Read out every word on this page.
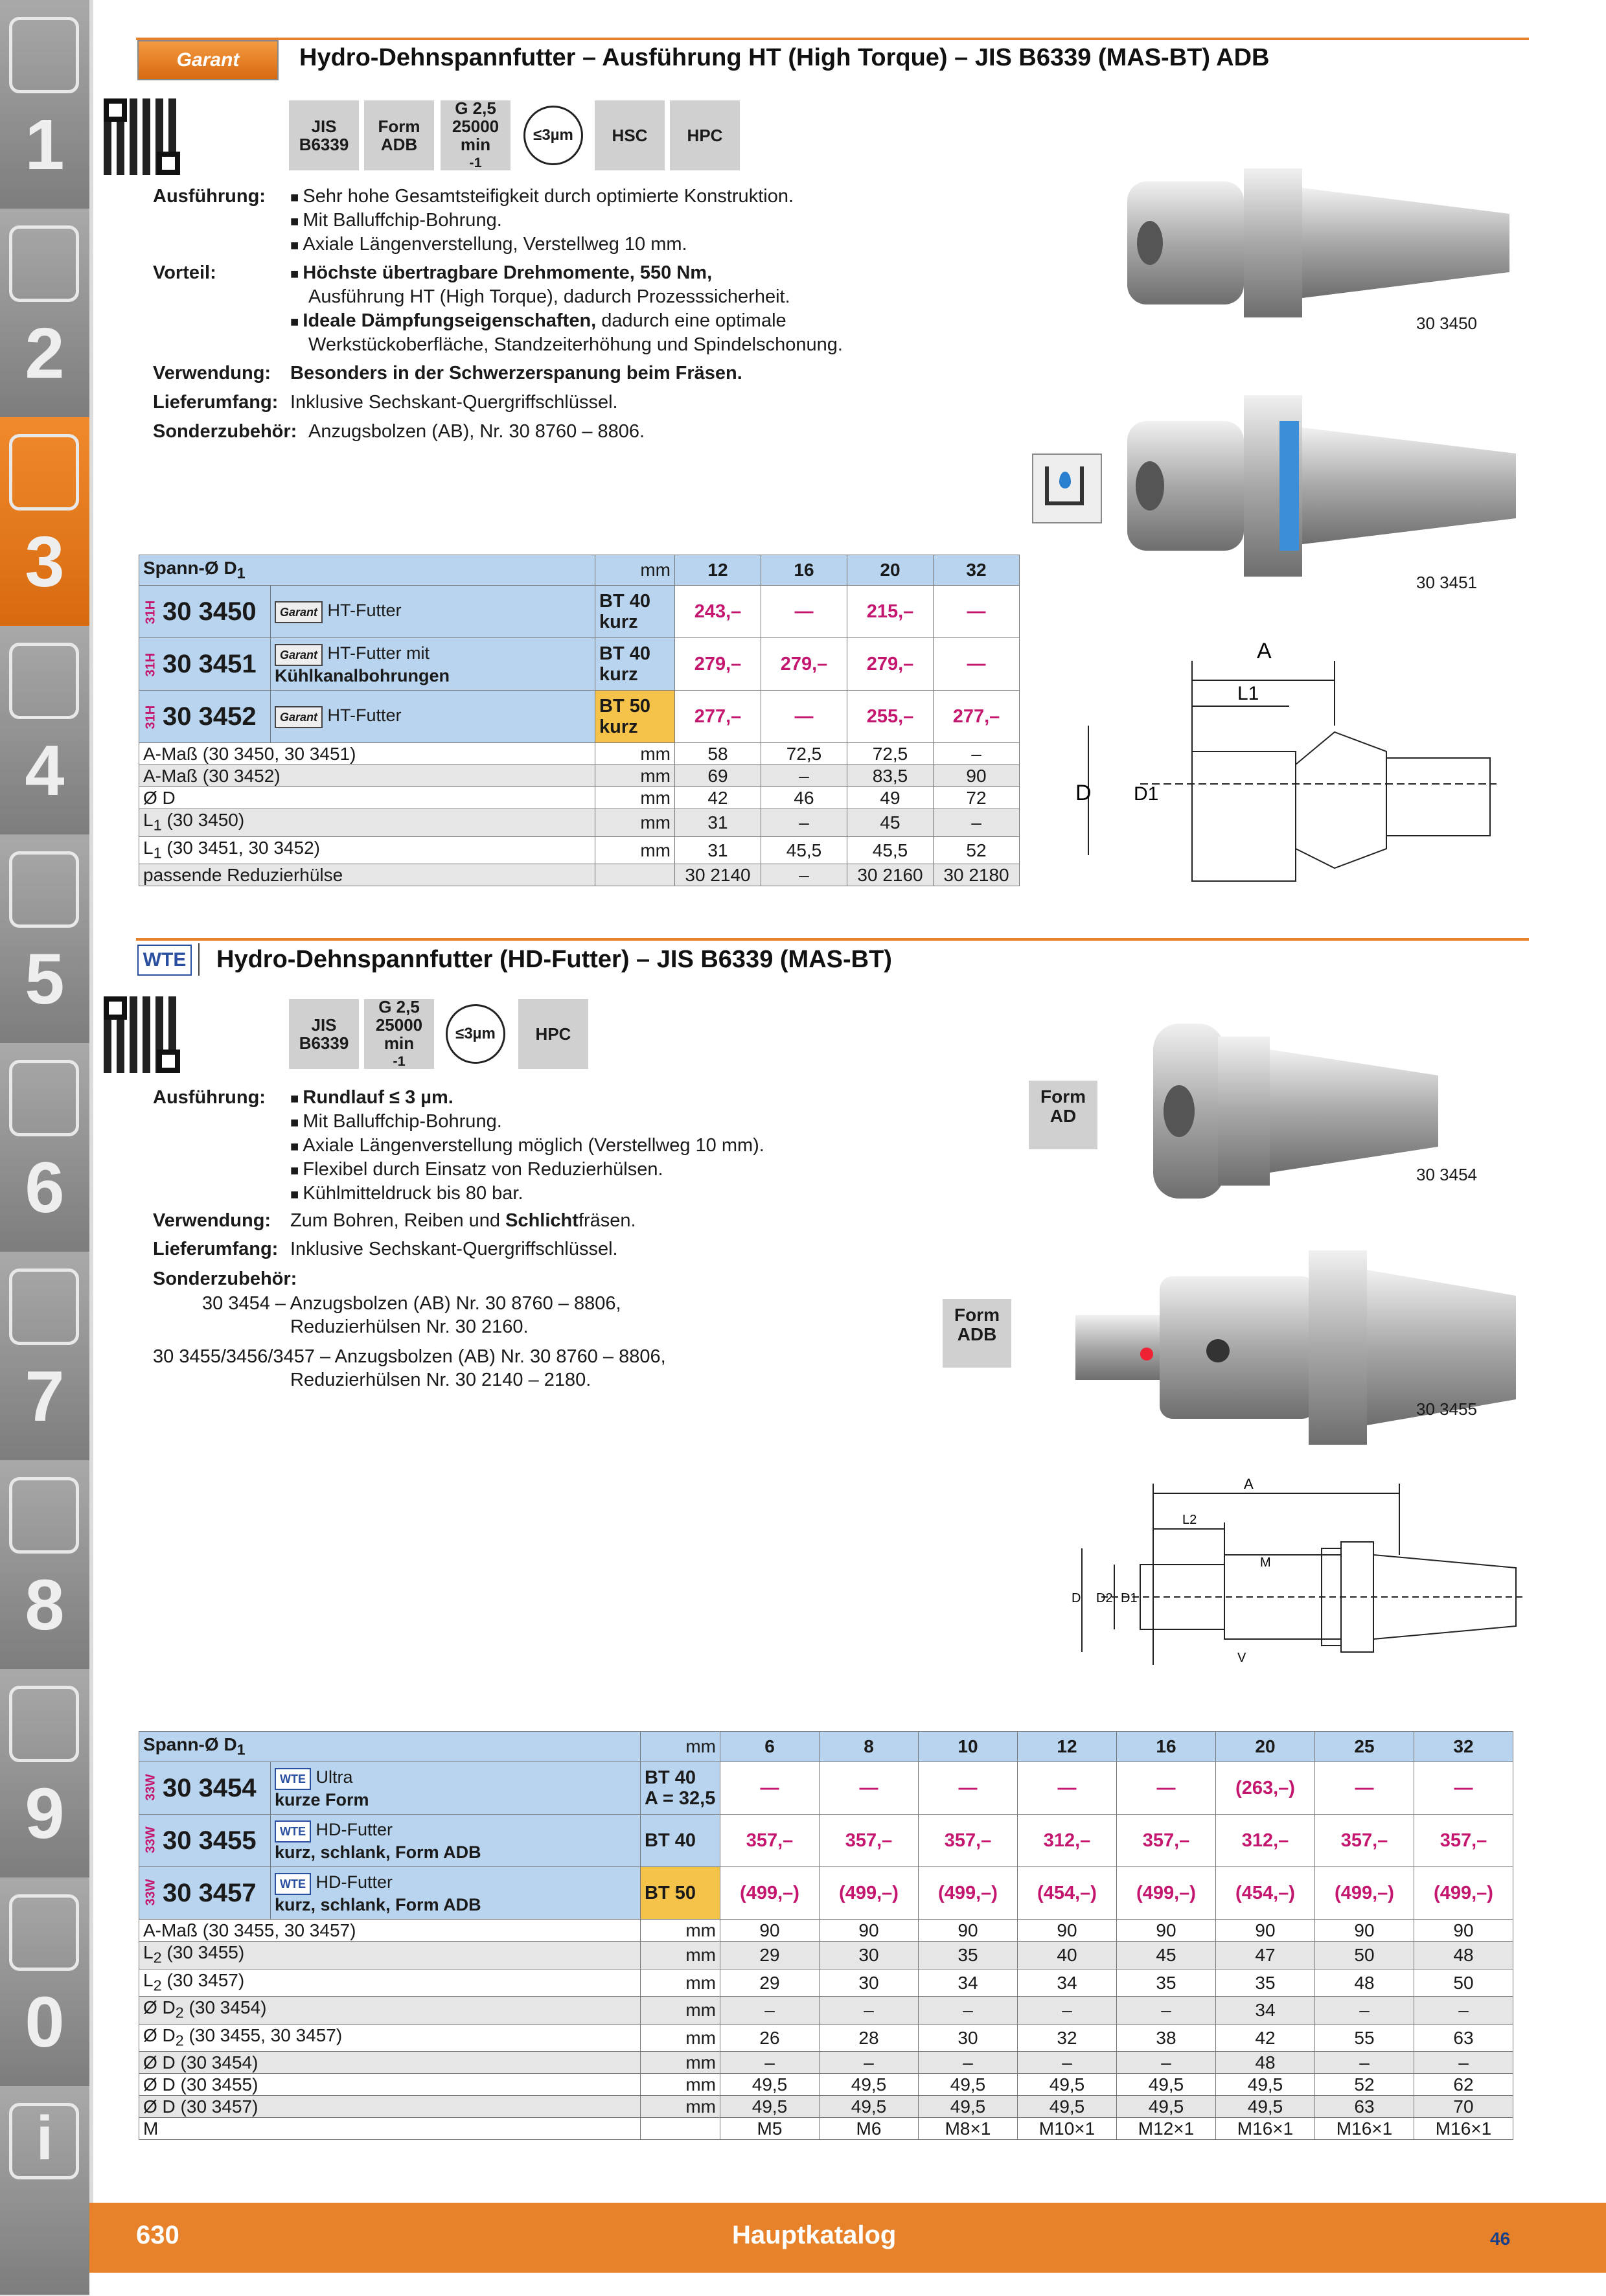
1
2
3
4
5
6
7
8
9
0
i
Garant	Hydro-Dehnspannfutter – Ausführung HT (High Torque) – JIS B6339 (MAS-BT) ADB
JIS
B6339
Form
ADB
G 2,5
25000
min
-1
≤3µm	HSC	HPC
Ausführung:	■ Sehr hohe Gesamtsteifigkeit durch optimierte Konstruktion.
■ Mit Balluffchip-Bohrung.
■ Axiale Längenverstellung, Verstellweg 10 mm.
Vorteil:	■ Höchste übertragbare Drehmomente, 550 Nm,
Ausführung HT (High Torque), dadurch Prozesssicherheit.
■ Ideale Dämpfungseigenschaften, dadurch eine optimale
Werkstückoberfläche, Standzeiterhöhung und Spindelschonung.
Verwendung: Besonders in der Schwerzerspanung beim Fräsen.
Lieferumfang: Inklusive Sechskant-Quergriffschlüssel.
Sonderzubehör: Anzugsbolzen (AB), Nr. 30 8760 – 8806.
30 3450
30 3451
A
L1
D D1
Spann-Ø $D_1$		mm	12	16	20	32
31H 30 3450	Garant HT-Futter	BT 40
kurz	243,–	—	215,–	—
31H 30 3451	Garant HT-Futter mit
Kühlkanalbohrungen	BT 40
kurz	279,–	279,–	279,–	—
31H 30 3452	Garant HT-Futter	BT 50
kurz	277,–	—	255,–	277,–
A-Maß (30 3450, 30 3451)		mm	58	72,5	72,5	–
A-Maß (30 3452)		mm	69	–	83,5	90
Ø D		mm	42	46	49	72
$L_1$ (30 3450)		mm	31	–	45	–
$L_1$ (30 3451, 30 3452)		mm	31	45,5	45,5	52
passende Reduzierhülse			30 2140	–	30 2160	30 2180
WTE Hydro-Dehnspannfutter (HD-Futter) – JIS B6339 (MAS-BT)
JIS
B6339
G 2,5
25000
min
-1
≤3µm	HPC
Ausführung:	■ Rundlauf ≤ 3 µm.
■ Mit Balluffchip-Bohrung.
■ Axiale Längenverstellung möglich (Verstellweg 10 mm).
■ Flexibel durch Einsatz von Reduzierhülsen.
■ Kühlmitteldruck bis 80 bar.
Verwendung: Zum Bohren, Reiben und Schlichtfräsen.
Lieferumfang: Inklusive Sechskant-Quergriffschlüssel.
Sonderzubehör:
30 3454 – Anzugsbolzen (AB) Nr. 30 8760 – 8806,
Reduzierhülsen Nr. 30 2160.
30 3455/3456/3457 – Anzugsbolzen (AB) Nr. 30 8760 – 8806,
Reduzierhülsen Nr. 30 2140 – 2180.
Form
AD
30 3454
Form
ADB
30 3455
A
L2
M
D D2 D1
V
Spann-Ø $D_1$		mm	6	8	10	12	16	20	25	32
33W 30 3454	WTE Ultra
kurze Form	BT 40
A = 32,5	—	—	—	—	—	(263,–)	—	—
33W 30 3455	WTE HD-Futter
kurz, schlank, Form ADB	BT 40	357,–	357,–	357,–	312,–	357,–	312,–	357,–	357,–
33W 30 3457	WTE HD-Futter
kurz, schlank, Form ADB	BT 50	(499,–)	(499,–)	(499,–)	(454,–)	(499,–)	(454,–)	(499,–)	(499,–)
A-Maß (30 3455, 30 3457)		mm	90	90	90	90	90	90	90	90
$L_2$ (30 3455)		mm	29	30	35	40	45	47	50	48
$L_2$ (30 3457)		mm	29	30	34	34	35	35	48	50
Ø $D_2$ (30 3454)		mm	–	–	–	–	–	34	–	–
Ø $D_2$ (30 3455, 30 3457)		mm	26	28	30	32	38	42	55	63
Ø D (30 3454)		mm	–	–	–	–	–	48	–	–
Ø D (30 3455)		mm	49,5	49,5	49,5	49,5	49,5	49,5	52	62
Ø D (30 3457)		mm	49,5	49,5	49,5	49,5	49,5	49,5	63	70
M			M5	M6	M8×1	M10×1	M12×1	M16×1	M16×1	M16×1
630	Hauptkatalog	46
